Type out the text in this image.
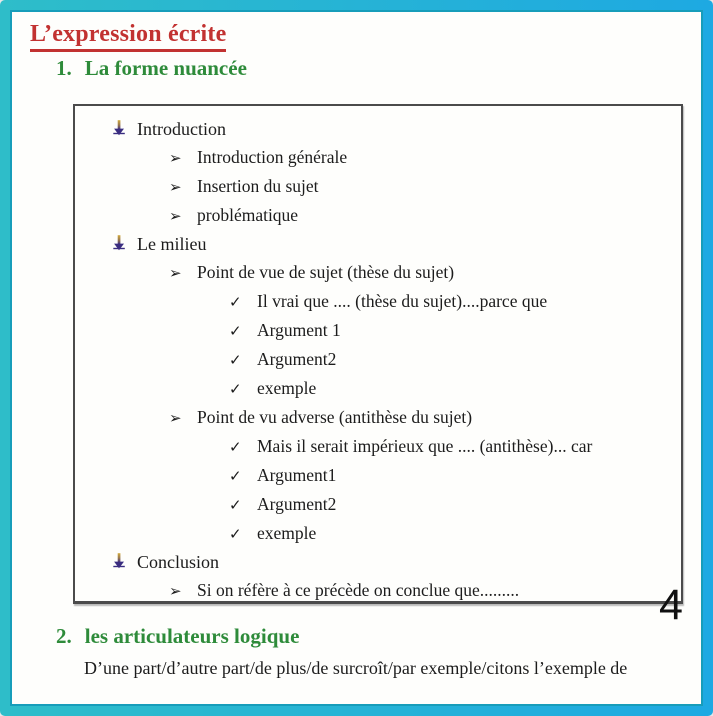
L’expression écrite
1. La forme nuancée
Introduction
➢ Introduction générale
➢ Insertion du sujet
➢ problématique
Le milieu
➢ Point de vue de sujet (thèse du sujet)
✓ Il vrai que .... (thèse du sujet)....parce que
✓ Argument 1
✓ Argument2
✓ exemple
➢ Point de vu adverse (antithèse du sujet)
✓ Mais il serait impérieux que .... (antithèse)... car
✓ Argument1
✓ Argument2
✓ exemple
Conclusion
➢ Si on réfère à ce précède on conclue que.........	4
2. les articulateurs logique
D’une part/d’autre part/de plus/de surcroît/par exemple/citons l’exemple de
